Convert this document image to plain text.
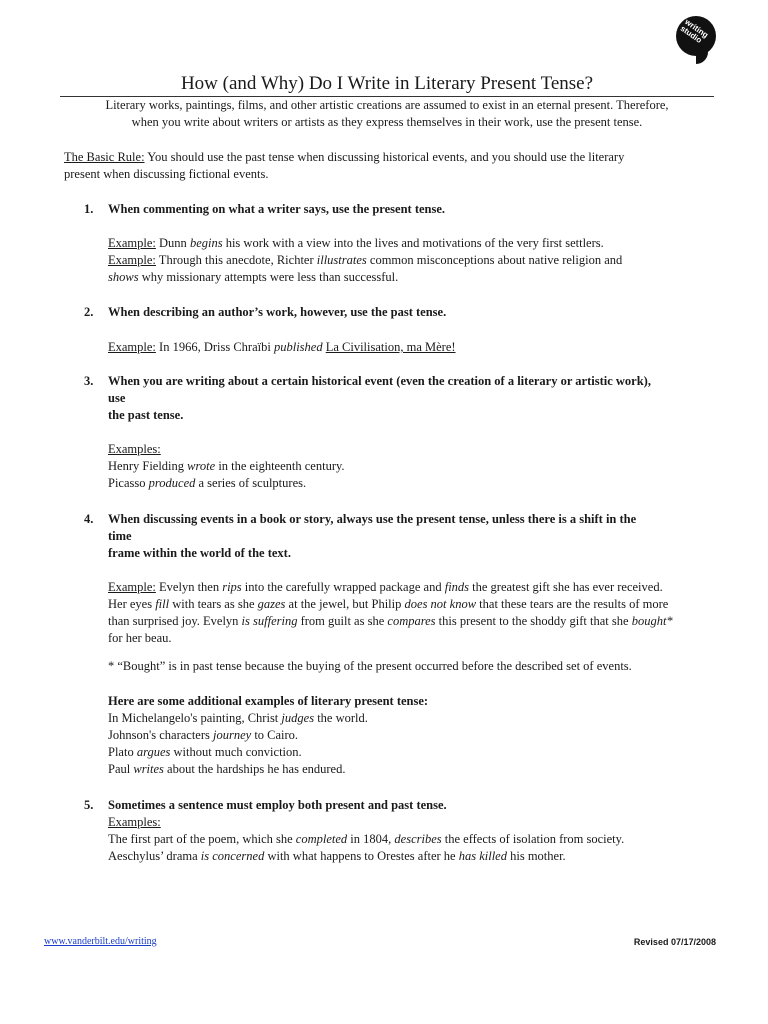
writing studio
How (and Why) Do I Write in Literary Present Tense?
Literary works, paintings, films, and other artistic creations are assumed to exist in an eternal present. Therefore,
when you write about writers or artists as they express themselves in their work, use the present tense.
The Basic Rule: You should use the past tense when discussing historical events, and you should use the literary
present when discussing fictional events.
1. When commenting on what a writer says, use the present tense.
Example: Dunn begins his work with a view into the lives and motivations of the very first settlers.
Example: Through this anecdote, Richter illustrates common misconceptions about native religion and
shows why missionary attempts were less than successful.
2. When describing an author’s work, however, use the past tense.
Example: In 1966, Driss Chraïbi published La Civilisation, ma Mère!
3. When you are writing about a certain historical event (even the creation of a literary or artistic work),
use
the past tense.
Examples:
Henry Fielding wrote in the eighteenth century.
Picasso produced a series of sculptures.
4. When discussing events in a book or story, always use the present tense, unless there is a shift in the
time
frame within the world of the text.
Example: Evelyn then rips into the carefully wrapped package and finds the greatest gift she has ever received.
Her eyes fill with tears as she gazes at the jewel, but Philip does not know that these tears are the results of more
than surprised joy. Evelyn is suffering from guilt as she compares this present to the shoddy gift that she bought*
for her beau.
* “Bought” is in past tense because the buying of the present occurred before the described set of events.
Here are some additional examples of literary present tense:
In Michelangelo's painting, Christ judges the world.
Johnson's characters journey to Cairo.
Plato argues without much conviction.
Paul writes about the hardships he has endured.
5. Sometimes a sentence must employ both present and past tense.
Examples:
The first part of the poem, which she completed in 1804, describes the effects of isolation from society.
Aeschylus’ drama is concerned with what happens to Orestes after he has killed his mother.
www.vanderbilt.edu/writing	Revised 07/17/2008
